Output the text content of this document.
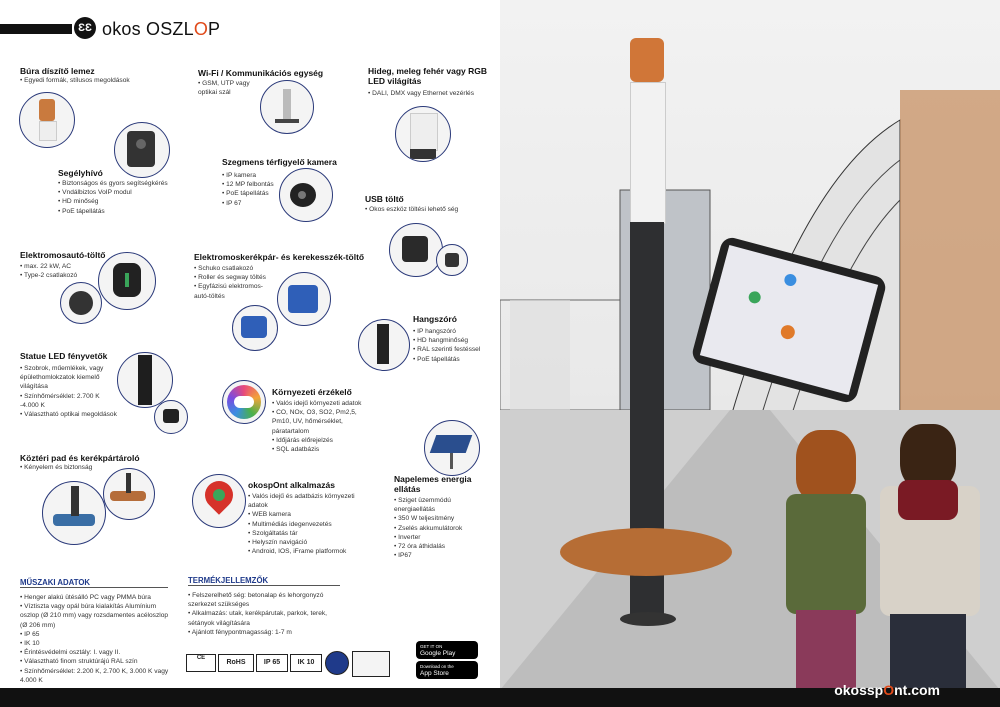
ƐƐ okos OSZLOP
Búra díszítő lemez
• Egyedi formák, stílusos megoldások
Segélyhívó
• Biztonságos és gyors segítségkérés
• Vndálbiztos VoIP modul
• HD minőség
• PoE tápellátás
Wi-Fi / Kommunikációs egység
• GSM, UTP vagy optikai szál
Hideg, meleg fehér vagy RGB LED világítás
• DALI, DMX vagy Ethernet vezérlés
Szegmens térfigyelő kamera
• IP kamera
• 12 MP felbontás
• PoE tápellátás
• IP 67	USB töltő
• Okos eszköz töltési lehető ség
Elektromosautó-töltő
• max. 22 kW, AC
• Type-2 csatlakozó
Elektromoskerékpár- és kerekesszék-töltő
• Schuko csatlakozó
• Roller és segway töltés
• Egyfázisú elektromos-autó-töltés
Hangszóró
• IP hangszóró
• HD hangminőség
• RAL szerinti festéssel
• PoE tápellátás
Statue LED fényvetők
• Szobrok, műemlékek, vagy épülethomlokzatok kiemelő világítása
• Színhőmérséklet: 2.700 K -4.000 K
• Választható optikai megoldások
Környezeti érzékelő
• Valós idejű környezeti adatok
• CO, NOx, O3, SO2, Pm2,5, Pm10, UV, hőmérséklet, páratartalom
• Időjárás előrejelzés
• SQL adatbázis
Napelemes energia ellátás
• Sziget üzemmódú energiaellátás
• 350 W teljesítmény
• Zselés akkumulátorok
• Inverter
• 72 óra áthidalás
• IP67
Köztéri pad és kerékpártároló
• Kényelem és biztonság
okospOnt alkalmazás
• Valós idejű és adatbázis környezeti adatok
• WEB kamera
• Multimédiás idegenvezetés
• Szolgáltatás tár
• Helyszín navigáció
• Android, IOS, iFrame platformok
MŰSZAKI ADATOK
• Henger alakú ütésálló PC vagy PMMA búra
• Víztiszta vagy opál búra kialakítás Alumínium oszlop (Ø 210 mm) vagy rozsdamentes acéloszlop (Ø 206 mm)
• IP 65
• IK 10
• Érintésvédelmi osztály: I. vagy II.
• Választható finom struktúrájú RAL szín
• Színhőmérséklet: 2.200 K, 2.700 K, 3.000 K vagy 4.000 K
TERMÉKJELLEMZŐK
• Felszerelhető ség: betonalap és lehorgonyzó szerkezet szükséges
• Alkalmazás: utak, kerékpárutak, parkok, terek, sétányok világítására
• Ajánlott fénypontmagasság: 1-7 m
CE
RoHS	IP 65	IK 10
GET IT ON
Google Play
Download on the
App Store
okosspOnt.com
